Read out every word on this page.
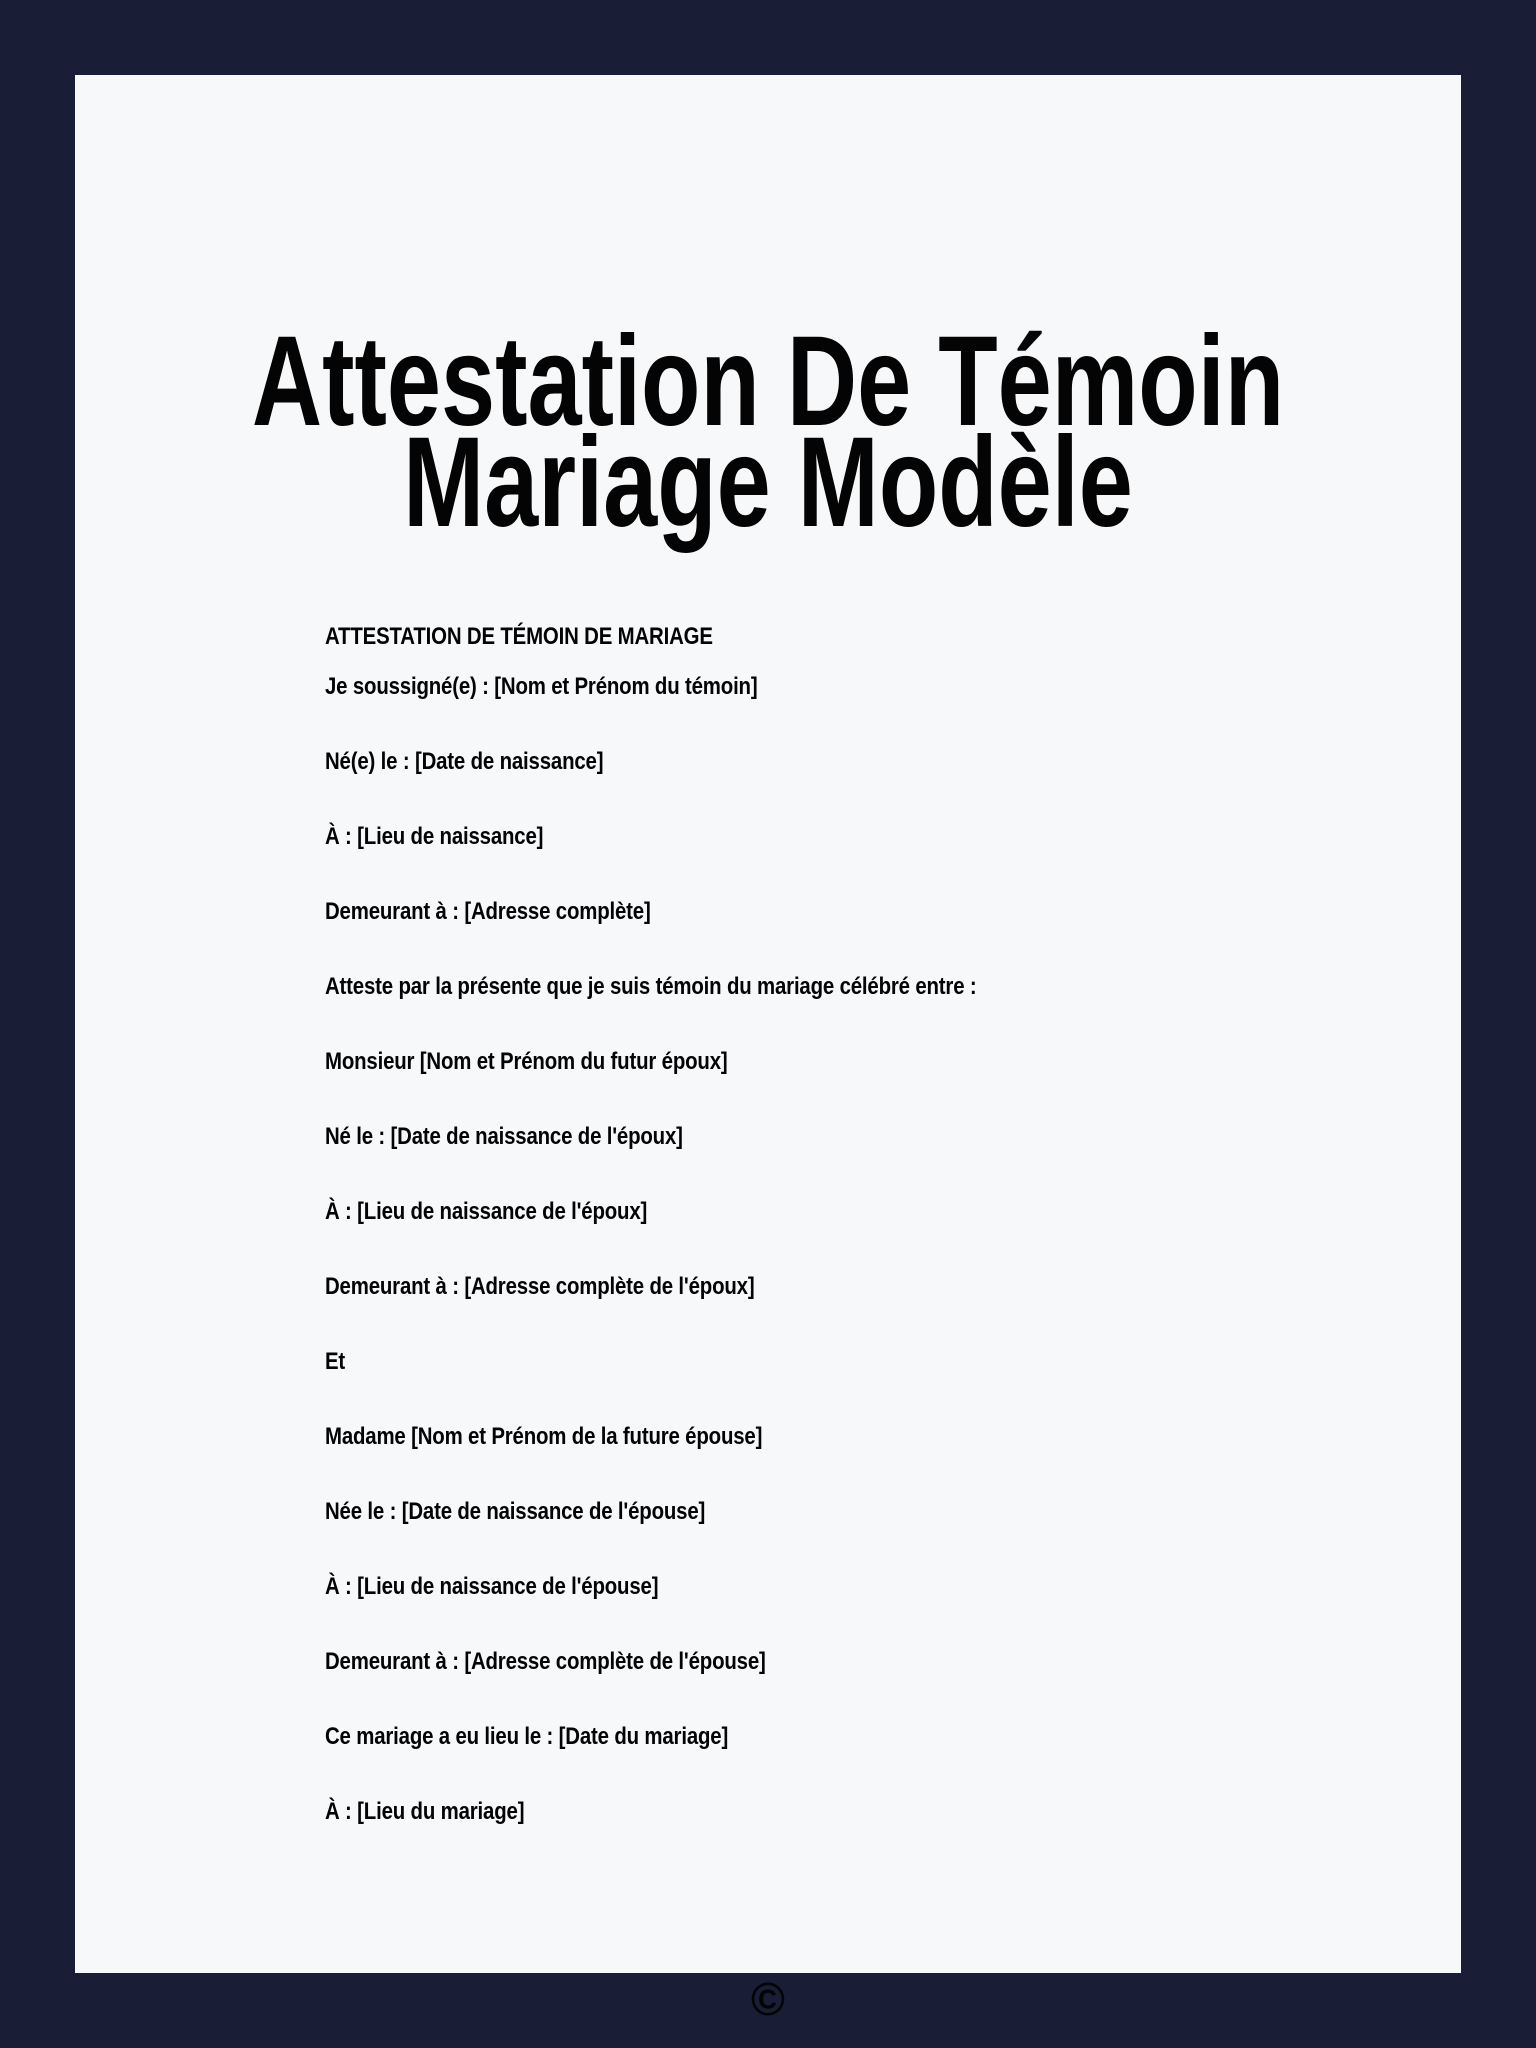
Attestation De Témoin
Mariage Modèle

ATTESTATION DE TÉMOIN DE MARIAGE

Je soussigné(e) : [Nom et Prénom du témoin]

Né(e) le : [Date de naissance]

À : [Lieu de naissance]

Demeurant à : [Adresse complète]

Atteste par la présente que je suis témoin du mariage célébré entre :

Monsieur [Nom et Prénom du futur époux]

Né le : [Date de naissance de l'époux]

À : [Lieu de naissance de l'époux]

Demeurant à : [Adresse complète de l'époux]

Et

Madame [Nom et Prénom de la future épouse]

Née le : [Date de naissance de l'épouse]

À : [Lieu de naissance de l'épouse]

Demeurant à : [Adresse complète de l'épouse]

Ce mariage a eu lieu le : [Date du mariage]

À : [Lieu du mariage]

©
